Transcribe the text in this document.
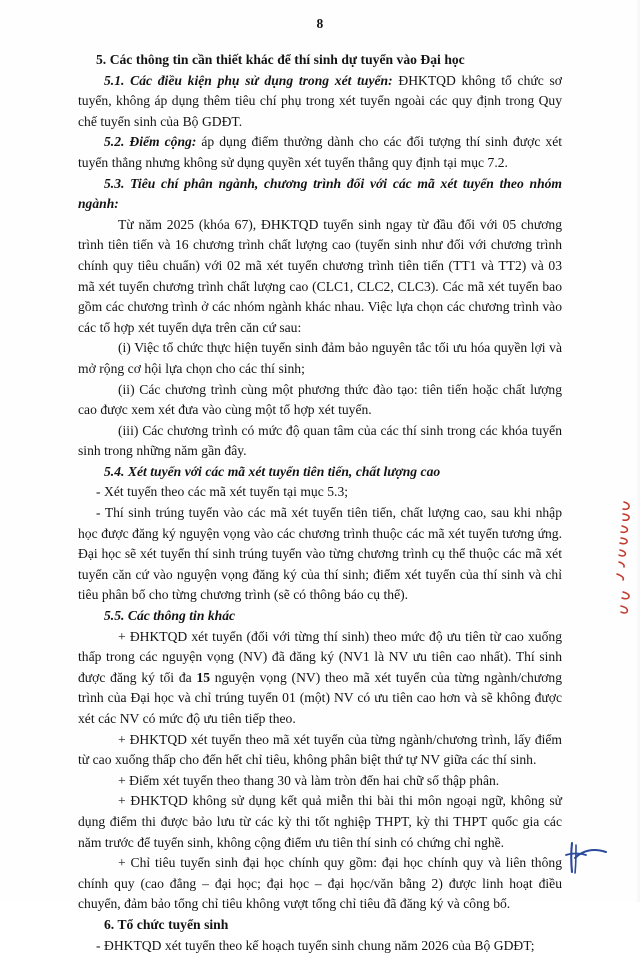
8

5. Các thông tin cần thiết khác để thí sinh dự tuyển vào Đại học

5.1. Các điều kiện phụ sử dụng trong xét tuyển: ĐHKTQD không tổ chức sơ tuyển, không áp dụng thêm tiêu chí phụ trong xét tuyển ngoài các quy định trong Quy chế tuyển sinh của Bộ GDĐT.

5.2. Điểm cộng: áp dụng điểm thưởng dành cho các đối tượng thí sinh được xét tuyển thẳng nhưng không sử dụng quyền xét tuyển thẳng quy định tại mục 7.2.

5.3. Tiêu chí phân ngành, chương trình đối với các mã xét tuyển theo nhóm ngành:

Từ năm 2025 (khóa 67), ĐHKTQD tuyển sinh ngay từ đầu đối với 05 chương trình tiên tiến và 16 chương trình chất lượng cao (tuyển sinh như đối với chương trình chính quy tiêu chuẩn) với 02 mã xét tuyển chương trình tiên tiến (TT1 và TT2) và 03 mã xét tuyển chương trình chất lượng cao (CLC1, CLC2, CLC3). Các mã xét tuyển bao gồm các chương trình ở các nhóm ngành khác nhau. Việc lựa chọn các chương trình vào các tổ hợp xét tuyển dựa trên căn cứ sau:

(i) Việc tổ chức thực hiện tuyển sinh đảm bảo nguyên tắc tối ưu hóa quyền lợi và mở rộng cơ hội lựa chọn cho các thí sinh;

(ii) Các chương trình cùng một phương thức đào tạo: tiên tiến hoặc chất lượng cao được xem xét đưa vào cùng một tổ hợp xét tuyển.

(iii) Các chương trình có mức độ quan tâm của các thí sinh trong các khóa tuyển sinh trong những năm gần đây.

5.4. Xét tuyển với các mã xét tuyển tiên tiến, chất lượng cao

- Xét tuyển theo các mã xét tuyển tại mục 5.3;

- Thí sinh trúng tuyển vào các mã xét tuyển tiên tiến, chất lượng cao, sau khi nhập học được đăng ký nguyện vọng vào các chương trình thuộc các mã xét tuyển tương ứng. Đại học sẽ xét tuyển thí sinh trúng tuyển vào từng chương trình cụ thể thuộc các mã xét tuyển căn cứ vào nguyện vọng đăng ký của thí sinh; điểm xét tuyển của thí sinh và chỉ tiêu phân bổ cho từng chương trình (sẽ có thông báo cụ thể).

5.5. Các thông tin khác

+ ĐHKTQD xét tuyển (đối với từng thí sinh) theo mức độ ưu tiên từ cao xuống thấp trong các nguyện vọng (NV) đã đăng ký (NV1 là NV ưu tiên cao nhất). Thí sinh được đăng ký tối đa 15 nguyện vọng (NV) theo mã xét tuyển của từng ngành/chương trình của Đại học và chỉ trúng tuyển 01 (một) NV có ưu tiên cao hơn và sẽ không được xét các NV có mức độ ưu tiên tiếp theo.

+ ĐHKTQD xét tuyển theo mã xét tuyển của từng ngành/chương trình, lấy điểm từ cao xuống thấp cho đến hết chỉ tiêu, không phân biệt thứ tự NV giữa các thí sinh.

+ Điểm xét tuyển theo thang 30 và làm tròn đến hai chữ số thập phân.

+ ĐHKTQD không sử dụng kết quả miễn thi bài thi môn ngoại ngữ, không sử dụng điểm thi được bảo lưu từ các kỳ thi tốt nghiệp THPT, kỳ thi THPT quốc gia các năm trước để tuyển sinh, không cộng điểm ưu tiên thí sinh có chứng chỉ nghề.

+ Chỉ tiêu tuyển sinh đại học chính quy gồm: đại học chính quy và liên thông chính quy (cao đẳng – đại học; đại học – đại học/văn bằng 2) được linh hoạt điều chuyển, đảm bảo tổng chỉ tiêu không vượt tổng chỉ tiêu đã đăng ký và công bố.

6. Tổ chức tuyển sinh

- ĐHKTQD xét tuyển theo kế hoạch tuyển sinh chung năm 2026 của Bộ GDĐT;
